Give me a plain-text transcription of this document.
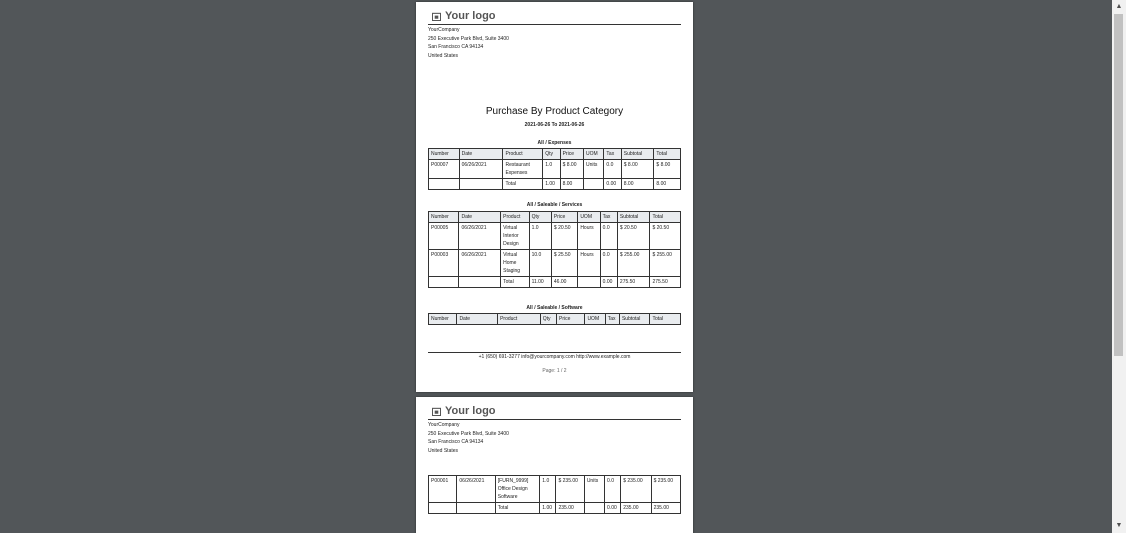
Your logo
YourCompany
250 Executive Park Blvd, Suite 3400
San Francisco CA 94134
United States
Purchase By Product Category
2021-06-26 To 2021-06-26
All / Expenses
Number	Date	Product	Qty	Price	UOM	Tax	Subtotal	Total
P00007	06/26/2021	Restaurant Expenses	1.0	$ 8.00	Units	0.0	$ 8.00	$ 8.00
		Total	1.00	8.00		0.00	8.00	8.00
All / Saleable / Services
Number	Date	Product	Qty	Price	UOM	Tax	Subtotal	Total
P00005	06/26/2021	Virtual Interior Design	1.0	$ 20.50	Hours	0.0	$ 20.50	$ 20.50
P00003	06/26/2021	Virtual Home Staging	10.0	$ 25.50	Hours	0.0	$ 255.00	$ 255.00
		Total	11.00	46.00		0.00	275.50	275.50
All / Saleable / Software
Number	Date	Product	Qty	Price	UOM	Tax	Subtotal	Total
+1 (650) 691-3277 info@yourcompany.com http://www.example.com
Page: 1 / 2
Your logo
YourCompany
250 Executive Park Blvd, Suite 3400
San Francisco CA 94134
United States
P00001	06/26/2021	[FURN_9999] Office Design Software	1.0	$ 235.00	Units	0.0	$ 235.00	$ 235.00
		Total	1.00	235.00		0.00	235.00	235.00
▲
▼
